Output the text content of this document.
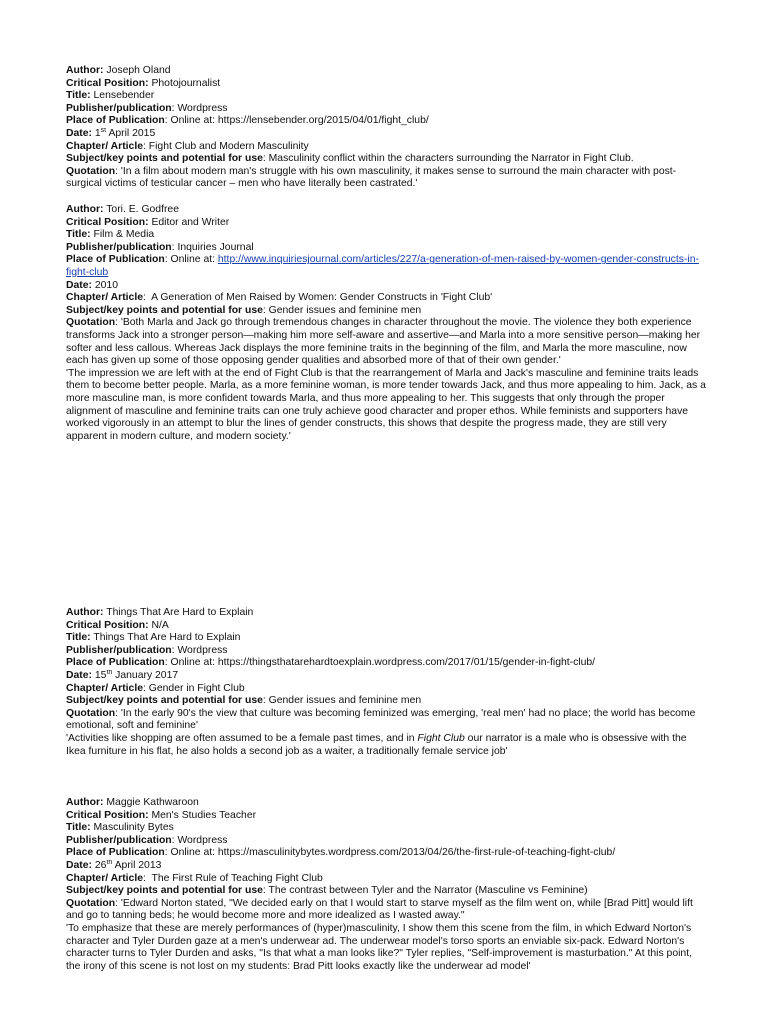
Author: Joseph Oland
Critical Position: Photojournalist
Title: Lensebender
Publisher/publication: Wordpress
Place of Publication: Online at: https://lensebender.org/2015/04/01/fight_club/
Date: 1st April 2015
Chapter/ Article: Fight Club and Modern Masculinity
Subject/key points and potential for use: Masculinity conflict within the characters surrounding the Narrator in Fight Club.
Quotation: 'In a film about modern man's struggle with his own masculinity, it makes sense to surround the main character with post-surgical victims of testicular cancer – men who have literally been castrated.'
Author: Tori. E. Godfree
Critical Position: Editor and Writer
Title: Film & Media
Publisher/publication: Inquiries Journal
Place of Publication: Online at: http://www.inquiriesjournal.com/articles/227/a-generation-of-men-raised-by-women-gender-constructs-in-fight-club
Date: 2010
Chapter/ Article:  A Generation of Men Raised by Women: Gender Constructs in 'Fight Club'
Subject/key points and potential for use: Gender issues and feminine men
Quotation: 'Both Marla and Jack go through tremendous changes in character throughout the movie. The violence they both experience transforms Jack into a stronger person—making him more self-aware and assertive—and Marla into a more sensitive person—making her softer and less callous. Whereas Jack displays the more feminine traits in the beginning of the film, and Marla the more masculine, now each has given up some of those opposing gender qualities and absorbed more of that of their own gender.'
'The impression we are left with at the end of Fight Club is that the rearrangement of Marla and Jack's masculine and feminine traits leads them to become better people. Marla, as a more feminine woman, is more tender towards Jack, and thus more appealing to him. Jack, as a more masculine man, is more confident towards Marla, and thus more appealing to her. This suggests that only through the proper alignment of masculine and feminine traits can one truly achieve good character and proper ethos. While feminists and supporters have worked vigorously in an attempt to blur the lines of gender constructs, this shows that despite the progress made, they are still very apparent in modern culture, and modern society.'
Author: Things That Are Hard to Explain
Critical Position: N/A
Title: Things That Are Hard to Explain
Publisher/publication: Wordpress
Place of Publication: Online at: https://thingsthatarehardtoexplain.wordpress.com/2017/01/15/gender-in-fight-club/
Date: 15th January 2017
Chapter/ Article: Gender in Fight Club
Subject/key points and potential for use: Gender issues and feminine men
Quotation: 'In the early 90's the view that culture was becoming feminized was emerging, 'real men' had no place; the world has become emotional, soft and feminine'
'Activities like shopping are often assumed to be a female past times, and in Fight Club our narrator is a male who is obsessive with the Ikea furniture in his flat, he also holds a second job as a waiter, a traditionally female service job'
Author: Maggie Kathwaroon
Critical Position: Men's Studies Teacher
Title: Masculinity Bytes
Publisher/publication: Wordpress
Place of Publication: Online at: https://masculinitybytes.wordpress.com/2013/04/26/the-first-rule-of-teaching-fight-club/
Date: 26th April 2013
Chapter/ Article:  The First Rule of Teaching Fight Club
Subject/key points and potential for use: The contrast between Tyler and the Narrator (Masculine vs Feminine)
Quotation: 'Edward Norton stated, "We decided early on that I would start to starve myself as the film went on, while [Brad Pitt] would lift and go to tanning beds; he would become more and more idealized as I wasted away."
'To emphasize that these are merely performances of (hyper)masculinity, I show them this scene from the film, in which Edward Norton's character and Tyler Durden gaze at a men's underwear ad. The underwear model's torso sports an enviable six-pack. Edward Norton's character turns to Tyler Durden and asks, "Is that what a man looks like?" Tyler replies, "Self-improvement is masturbation." At this point, the irony of this scene is not lost on my students: Brad Pitt looks exactly like the underwear ad model'
